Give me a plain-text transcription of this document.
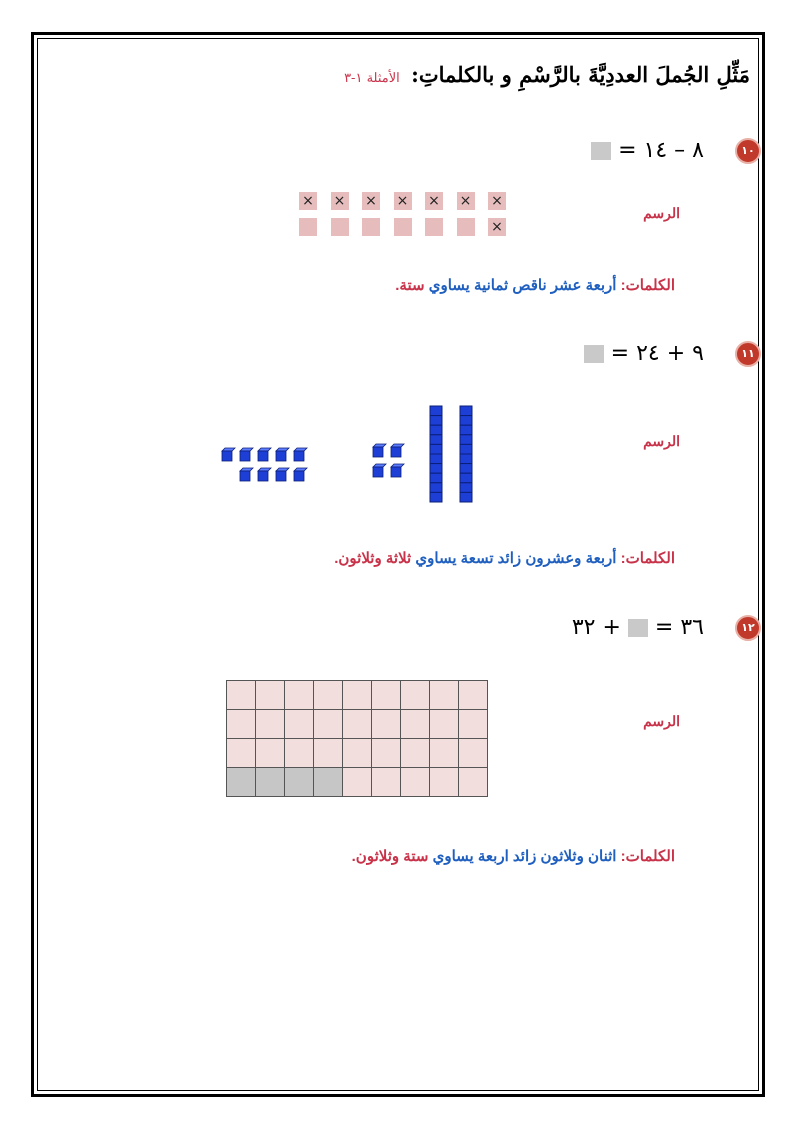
مَثِّلِ الجُملَ العددِيَّةَ بالرَّسْمِ و بالكلماتِ: الأمثلة ١-٣
١٠
= ٨ – ١٤
الرسم
× × × × × × ×
×
الكلمات: أربعة عشر ناقص ثمانية يساوي ستة.
١١
= ٩ + ٢٤
الرسم
الكلمات: أربعة وعشرون زائد تسعة يساوي ثلاثة وثلاثون.
١٢
٣٦ =  + ٣٢
الرسم
الكلمات: اثنان وثلاثون زائد اربعة يساوي ستة وثلاثون.
